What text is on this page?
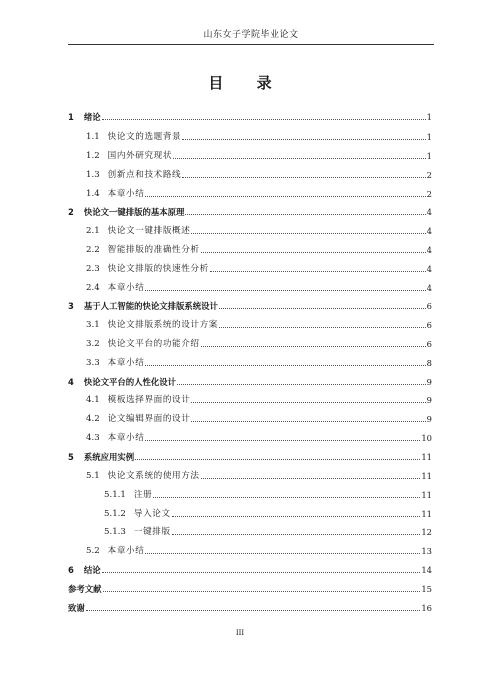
山东女子学院毕业论文
目 录
1 绪论	1
1.1 快论文的选题背景	1
1.2 国内外研究现状	1
1.3 创新点和技术路线	2
1.4 本章小结	2
2 快论文一键排版的基本原理	4
2.1 快论文一键排版概述	4
2.2 智能排版的准确性分析	4
2.3 快论文排版的快速性分析	4
2.4 本章小结	4
3 基于人工智能的快论文排版系统设计	6
3.1 快论文排版系统的设计方案	6
3.2 快论文平台的功能介绍	6
3.3 本章小结	8
4 快论文平台的人性化设计	9
4.1 模板选择界面的设计	9
4.2 论文编辑界面的设计	9
4.3 本章小结	10
5 系统应用实例	11
5.1 快论文系统的使用方法	11
5.1.1 注册	11
5.1.2 导入论文	11
5.1.3 一键排版	12
5.2 本章小结	13
6 结论	14
参考文献	15
致谢	16
III
